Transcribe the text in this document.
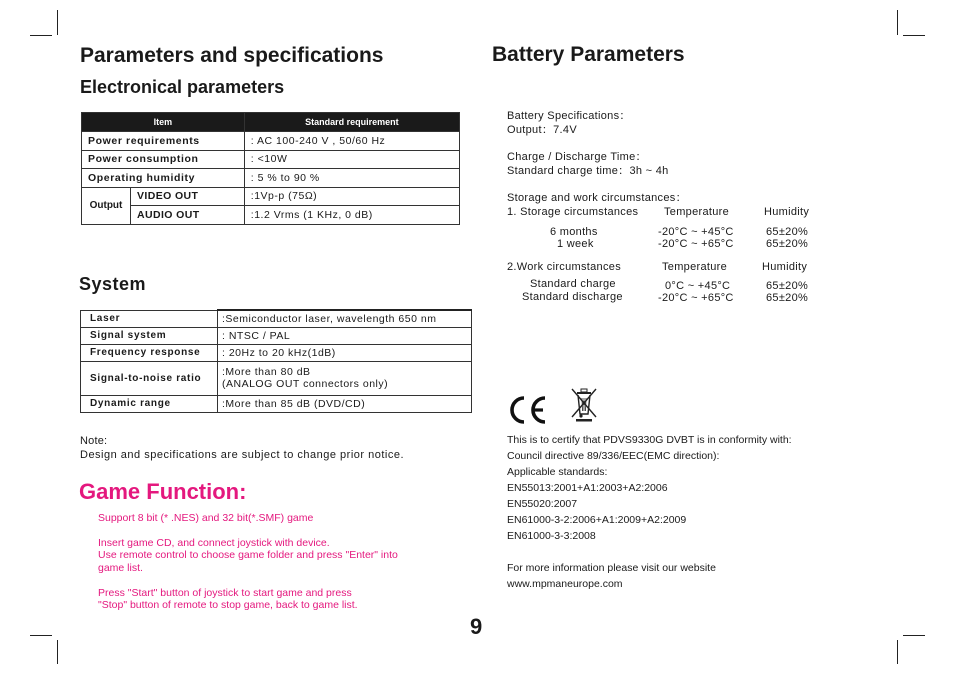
Parameters and specifications
Electronical parameters
Item		Standard requirement
Power requirements		: AC 100-240 V , 50/60 Hz
Power consumption		: <10W
Operating humidity		: 5 % to 90 %
Output	VIDEO OUT	:1Vp-p (75Ω)
	AUDIO OUT	:1.2 Vrms (1 KHz, 0 dB)
System
Laser	:Semiconductor laser, wavelength 650 nm
Signal system	: NTSC / PAL
Frequency response	: 20Hz to 20 kHz(1dB)
Signal-to-noise ratio	:More than 80 dB
(ANALOG OUT connectors only)

Dynamic range	:More than 85 dB (DVD/CD)
Note:
Design and specifications are subject to change prior notice.
Game Function:
Support 8 bit (* .NES) and 32 bit(*.SMF) game
Insert game CD, and connect joystick with device.
Use remote control to choose game folder and press "Enter" into
game list.
Press "Start" button of joystick to start game and press
"Stop" button of remote to stop game, back to game list.
Battery Parameters
Battery Specifications：
Output：7.4V
Charge / Discharge Time：
Standard charge time：3h ~ 4h
Storage and work circumstances：
1. Storage circumstances Temperature	Humidity
6 months	-20°C ~ +45°C	65±20%
1 week	-20°C ~ +65°C	65±20%
2.Work circumstances	Temperature	Humidity
Standard charge	0°C ~ +45°C	65±20%
Standard discharge	-20°C ~ +65°C	65±20%
This is to certify that PDVS9330G DVBT is in conformity with:
Council directive 89/336/EEC(EMC direction):
Applicable standards:
EN55013:2001+A1:2003+A2:2006
EN55020:2007
EN61000-3-2:2006+A1:2009+A2:2009
EN61000-3-3:2008
For more information please visit our website
www.mpmaneurope.com
9
